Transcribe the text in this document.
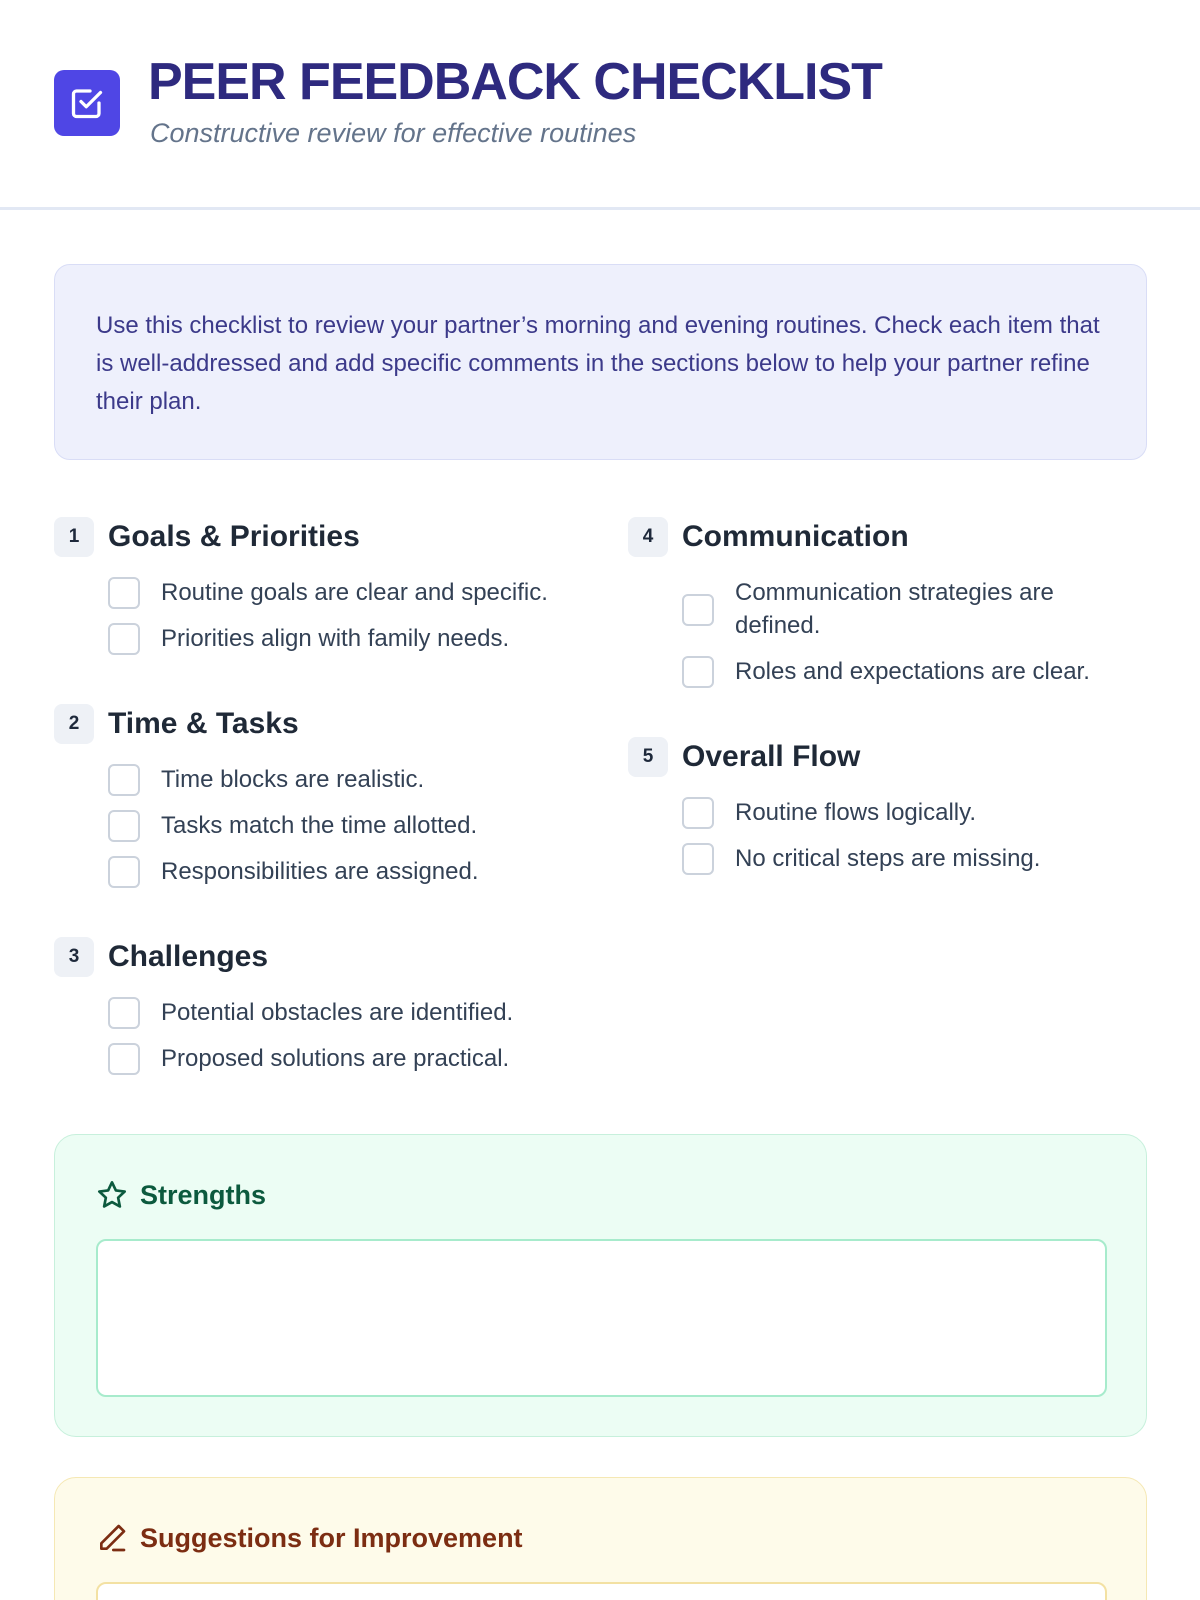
PEER FEEDBACK CHECKLIST
Constructive review for effective routines

Use this checklist to review your partner’s morning and evening routines. Check each item that is well-addressed and add specific comments in the sections below to help your partner refine their plan.

1 Goals & Priorities
Routine goals are clear and specific.
Priorities align with family needs.
2 Time & Tasks
Time blocks are realistic.
Tasks match the time allotted.
Responsibilities are assigned.
3 Challenges
Potential obstacles are identified.
Proposed solutions are practical.
4 Communication
Communication strategies are defined.
Roles and expectations are clear.
5 Overall Flow
Routine flows logically.
No critical steps are missing.
Strengths
Suggestions for Improvement
